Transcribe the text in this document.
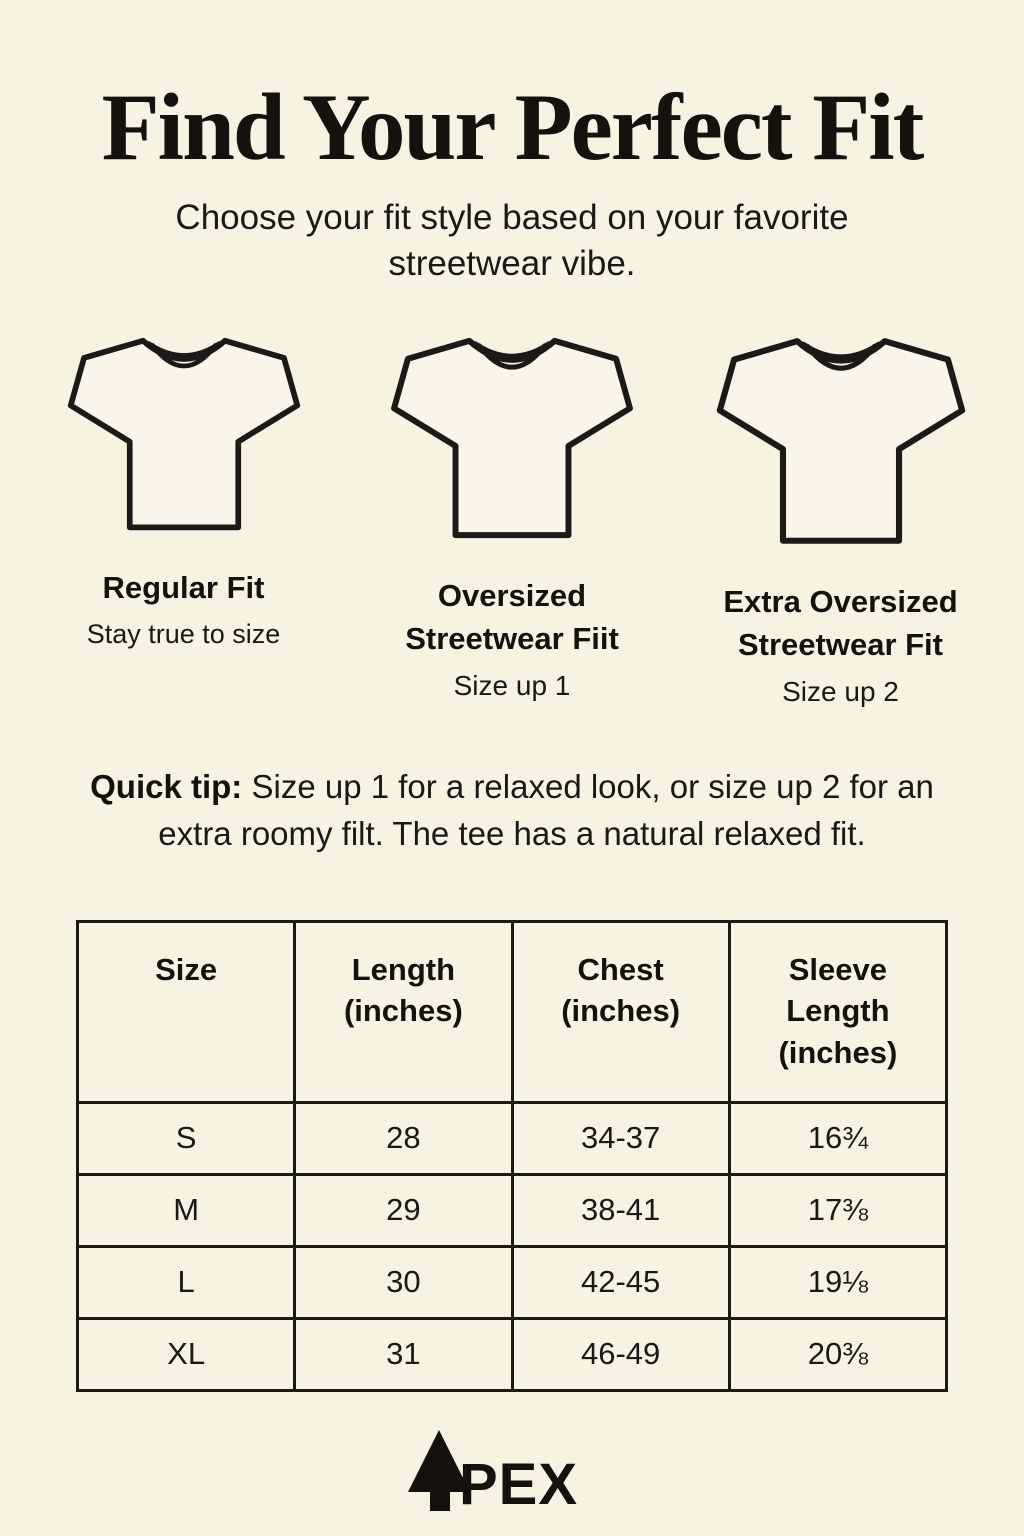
Find Your Perfect Fit
Choose your fit style based on your favorite streetwear vibe.
Regular Fit
Stay true to size
Oversized Streetwear Fiit
Size up 1
Extra Oversized Streetwear Fit
Size up 2
Quick tip: Size up 1 for a relaxed look, or size up 2 for an extra roomy filt. The tee has a natural relaxed fit.
Size	Length (inches)	Chest (inches)	Sleeve Length (inches)
S	28	34-37	16¾
M	29	38-41	17⅜
L	30	42-45	19⅛
XL	31	46-49	20⅜
PEX
